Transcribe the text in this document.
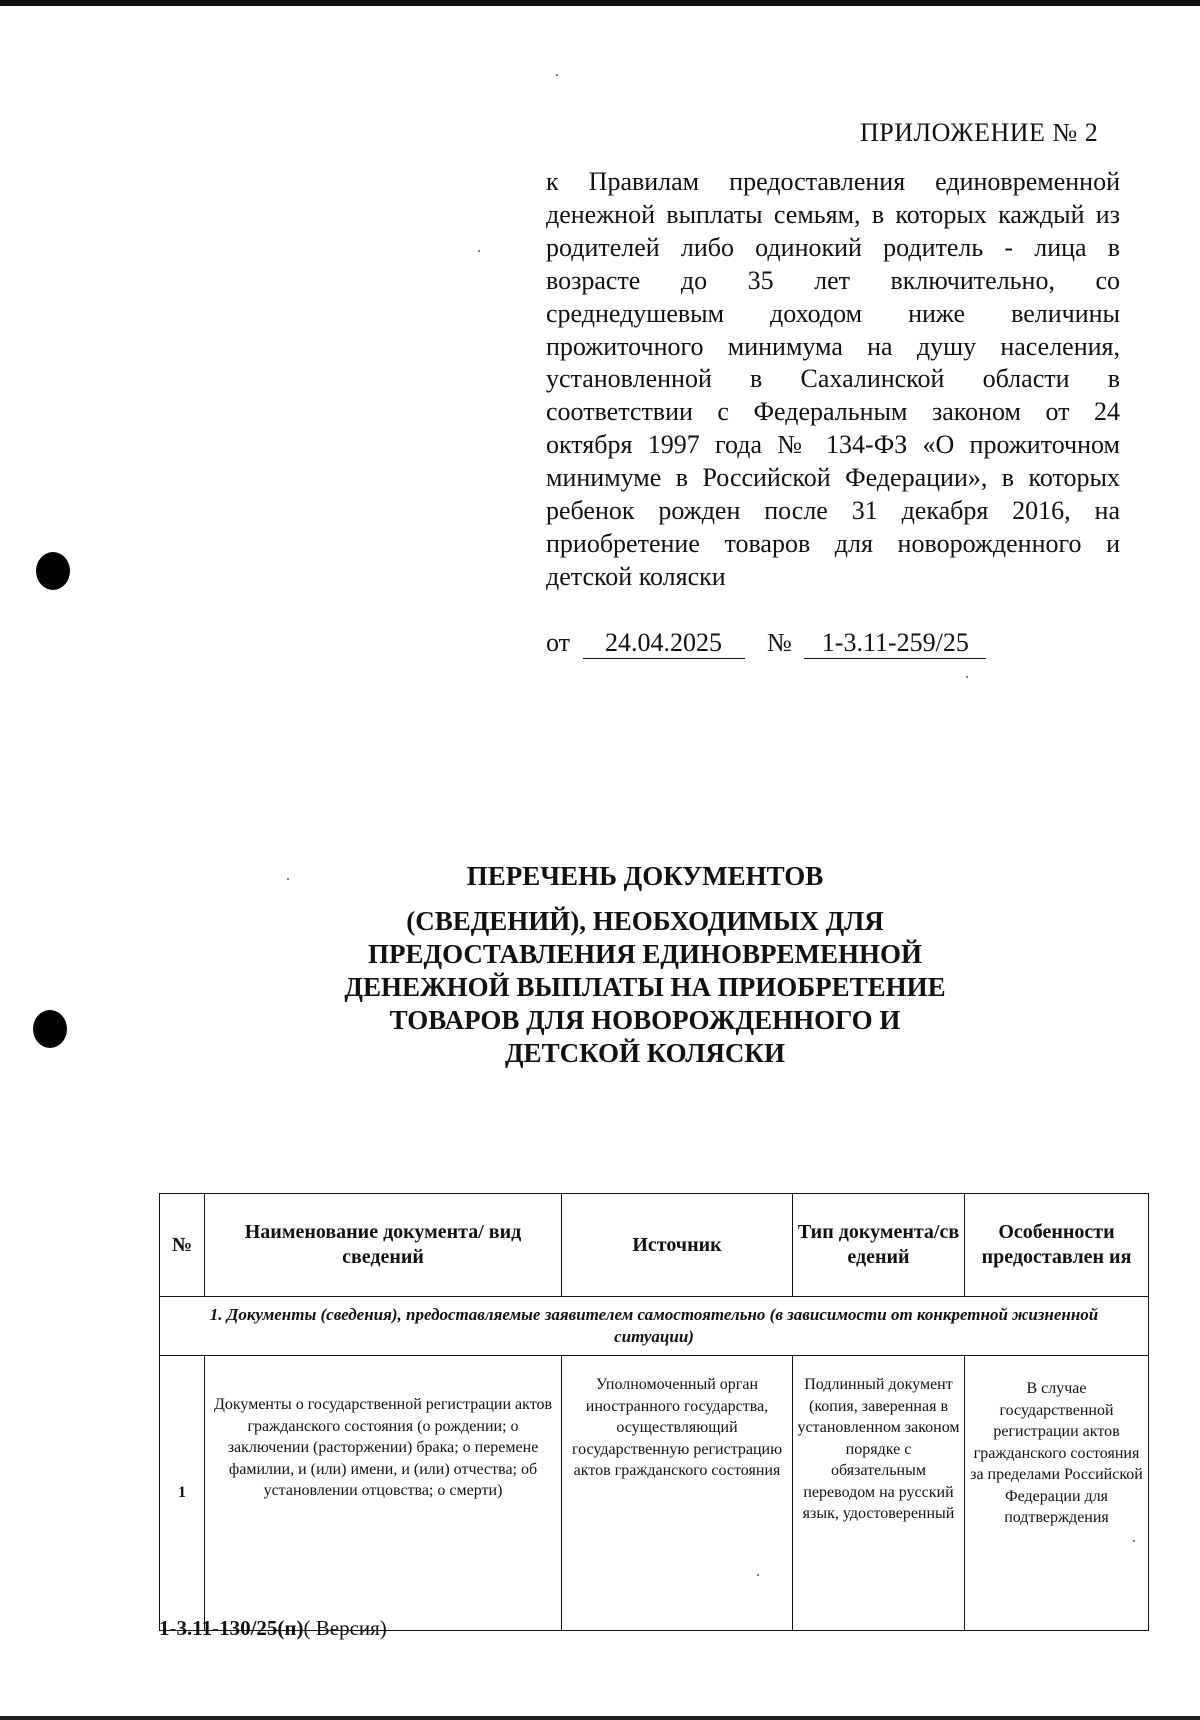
ПРИЛОЖЕНИЕ № 2
к Правилам предоставления единовременной денежной выплаты семьям, в которых каждый из родителей либо одинокий родитель - лица в возрасте до 35 лет включительно, со среднедушевым доходом ниже величины прожиточного минимума на душу населения, установленной в Сахалинской области в соответствии с Федеральным законом от 24 октября 1997 года № 134-ФЗ «О прожиточном минимуме в Российской Федерации», в которых ребенок рожден после 31 декабря 2016, на приобретение товаров для новорожденного и детской коляски
от 24.04.2025 № 1-3.11-259/25
ПЕРЕЧЕНЬ ДОКУМЕНТОВ
(СВЕДЕНИЙ), НЕОБХОДИМЫХ ДЛЯ ПРЕДОСТАВЛЕНИЯ ЕДИНОВРЕМЕННОЙ ДЕНЕЖНОЙ ВЫПЛАТЫ НА ПРИОБРЕТЕНИЕ ТОВАРОВ ДЛЯ НОВОРОЖДЕННОГО И ДЕТСКОЙ КОЛЯСКИ
№	Наименование документа/ вид сведений	Источник	Тип документа/св едений	Особенности предоставлен ия
1. Документы (сведения), предоставляемые заявителем самостоятельно (в зависимости от конкретной жизненной ситуации)				
1	Документы о государственной регистрации актов гражданского состояния (о рождении; о заключении (расторжении) брака; о перемене фамилии, и (или) имени, и (или) отчества; об установлении отцовства; о смерти)	Уполномоченный орган иностранного государства, осуществляющий государственную регистрацию актов гражданского состояния	Подлинный документ (копия, заверенная в установленном законом порядке с обязательным переводом на русский язык, удостоверенный	В случае государственной регистрации актов гражданского состояния за пределами Российской Федерации для подтверждения
1-3.11-130/25(п)( Версия)
